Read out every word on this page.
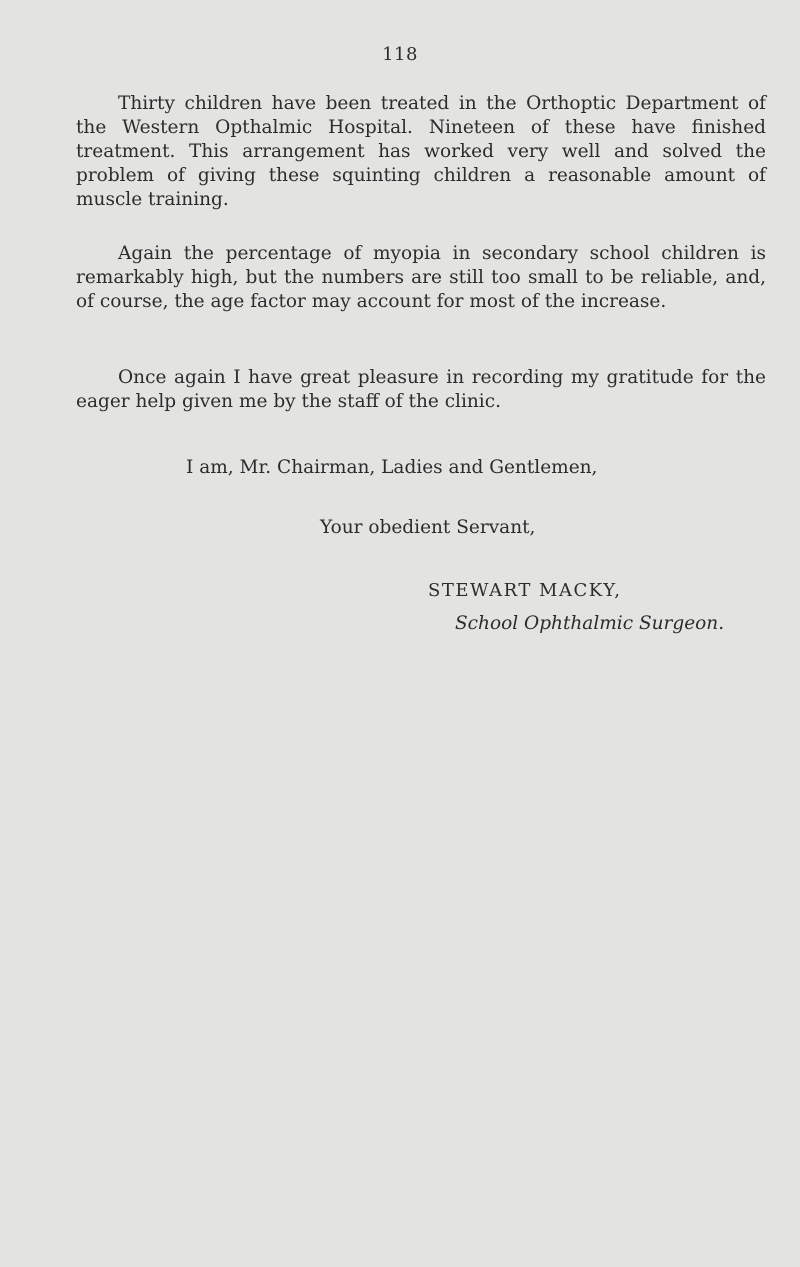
118

Thirty children have been treated in the Orthoptic Department of the Western Opthalmic Hospital. Nineteen of these have finished treatment. This arrangement has worked very well and solved the problem of giving these squinting children a reasonable amount of muscle training.

Again the percentage of myopia in secondary school children is remarkably high, but the numbers are still too small to be reliable, and, of course, the age factor may account for most of the increase.

Once again I have great pleasure in recording my gratitude for the eager help given me by the staff of the clinic.

I am, Mr. Chairman, Ladies and Gentlemen,

Your obedient Servant,

STEWART MACKY,

School Ophthalmic Surgeon.
